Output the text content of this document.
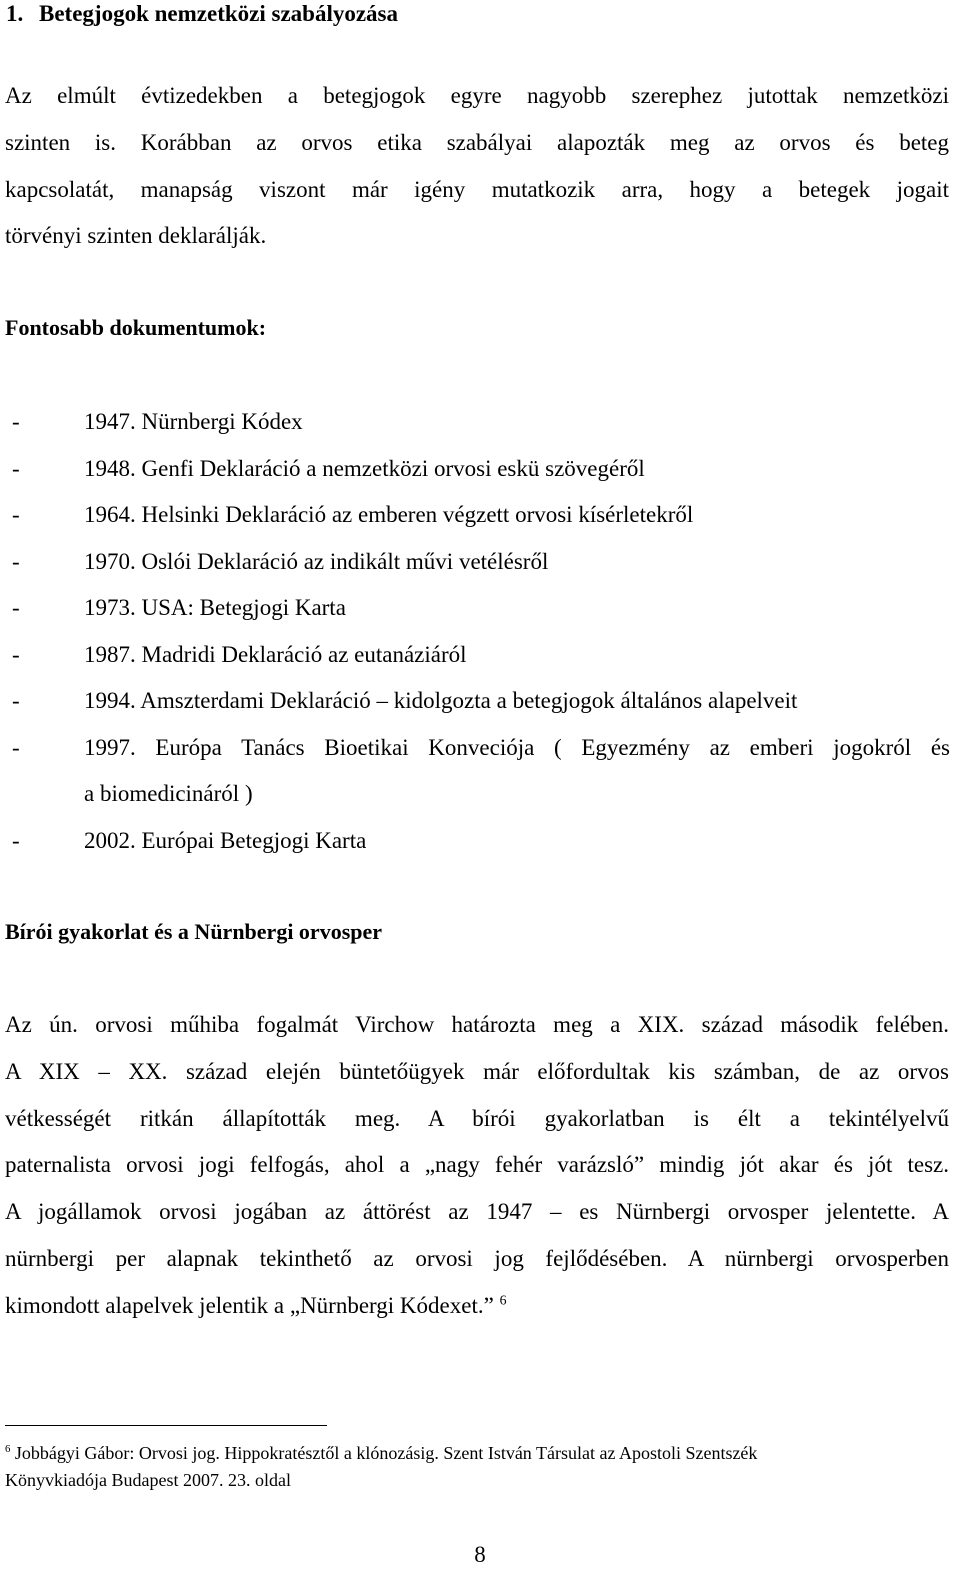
1. Betegjogok nemzetközi szabályozása

Az elmúlt évtizedekben a betegjogok egyre nagyobb szerephez jutottak nemzetközi
szinten is. Korábban az orvos etika szabályai alapozták meg az orvos és beteg
kapcsolatát, manapság viszont már igény mutatkozik arra, hogy a betegek jogait
törvényi szinten deklarálják.

Fontosabb dokumentumok:
-	1947. Nürnbergi Kódex
-	1948. Genfi Deklaráció a nemzetközi orvosi eskü szövegéről
-	1964. Helsinki Deklaráció az emberen végzett orvosi kísérletekről
-	1970. Oslói Deklaráció az indikált művi vetélésről
-	1973. USA: Betegjogi Karta
-	1987. Madridi Deklaráció az eutanáziáról
-	1994. Amszterdami Deklaráció – kidolgozta a betegjogok általános alapelveit
-	1997. Európa Tanács Bioetikai Konveciója ( Egyezmény az emberi jogokról és
a biomedicináról )
-	2002. Európai Betegjogi Karta
Bírói gyakorlat és a Nürnbergi orvosper

Az ún. orvosi műhiba fogalmát Virchow határozta meg a XIX. század második felében.
A XIX – XX. század elején büntetőügyek már előfordultak kis számban, de az orvos
vétkességét ritkán állapították meg. A bírói gyakorlatban is élt a tekintélyelvű
paternalista orvosi jogi felfogás, ahol a „nagy fehér varázsló” mindig jót akar és jót tesz.
A jogállamok orvosi jogában az áttörést az 1947 – es Nürnbergi orvosper jelentette. A
nürnbergi per alapnak tekinthető az orvosi jog fejlődésében. A nürnbergi orvosperben
kimondott alapelvek jelentik a „Nürnbergi Kódexet.” $^6$

$^6$ Jobbágyi Gábor: Orvosi jog. Hippokratésztől a klónozásig. Szent István Társulat az Apostoli Szentszék
Könyvkiadója Budapest 2007. 23. oldal
8
